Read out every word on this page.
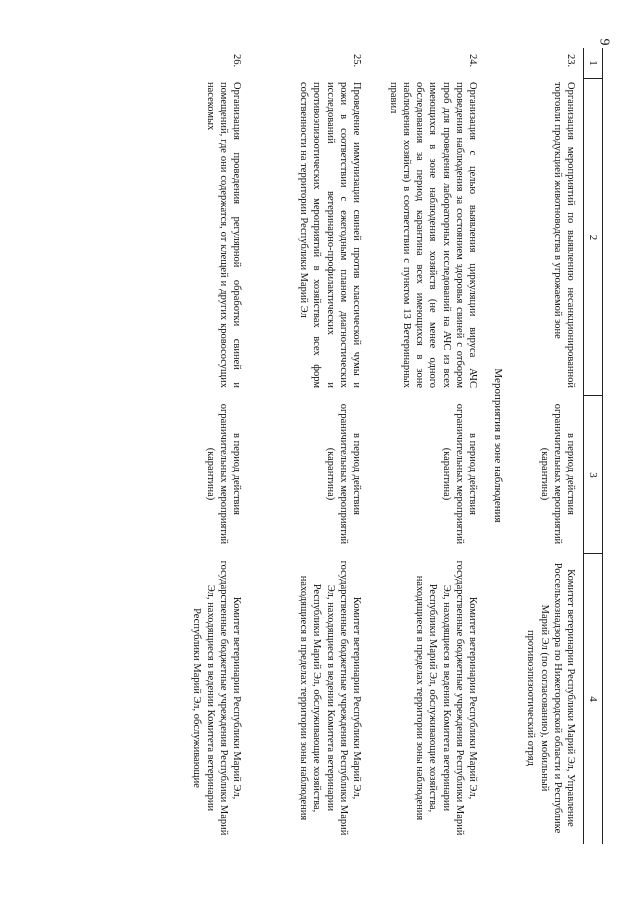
9
1
2
3
4
23.
Организация мероприятий по выявлению несанкционированной торговли продукцией животноводства в угрожаемой зоне
в период действия ограничительных мероприятий (карантина)
Комитет ветеринарии Республики Марий Эл, Управление Россельхознадзора по Нижегородской области и Республике Марий Эл (по согласованию), мобильный противоэпизоотический отряд
Мероприятия в зоне наблюдения
24.
Организация с целью выявления циркуляции вируса АЧС проведения наблюдения за состоянием здоровья свиней с отбором проб для проведения лабораторных исследований на АЧС из всех имеющихся в зоне наблюдения хозяйств (не менее одного обследования за период карантина всех имеющихся в зоне наблюдения хозяйств) в соответствии с пунктом 13 Ветеринарных правил
в период действия ограничительных мероприятий (карантина)
Комитет ветеринарии Республики Марий Эл, государственные бюджетные учреждения Республики Марий Эл, находящиеся в ведении Комитета ветеринарии Республики Марий Эл, обслуживающие хозяйства, находящиеся в пределах территории зоны наблюдения
25.
Проведение иммунизации свиней против классической чумы и рожи в соответствии с ежегодным планом диагностических исследований ветеринарно-профилактических и противоэпизоотических мероприятий в хозяйствах всех форм собственности на территории Республики Марий Эл
в период действия ограничительных мероприятий (карантина)
Комитет ветеринарии Республики Марий Эл, государственные бюджетные учреждения Республики Марий Эл, находящиеся в ведении Комитета ветеринарии Республики Марий Эл, обслуживающие хозяйства, находящиеся в пределах территории зоны наблюдения
26.
Организация проведения регулярной обработки свиней и помещений, где они содержатся, от клещей и других кровососущих насекомых
в период действия ограничительных мероприятий (карантина)
Комитет ветеринарии Республики Марий Эл, государственные бюджетные учреждения Республики Марий Эл, находящиеся в ведении Комитета ветеринарии Республики Марий Эл, обслуживающие
